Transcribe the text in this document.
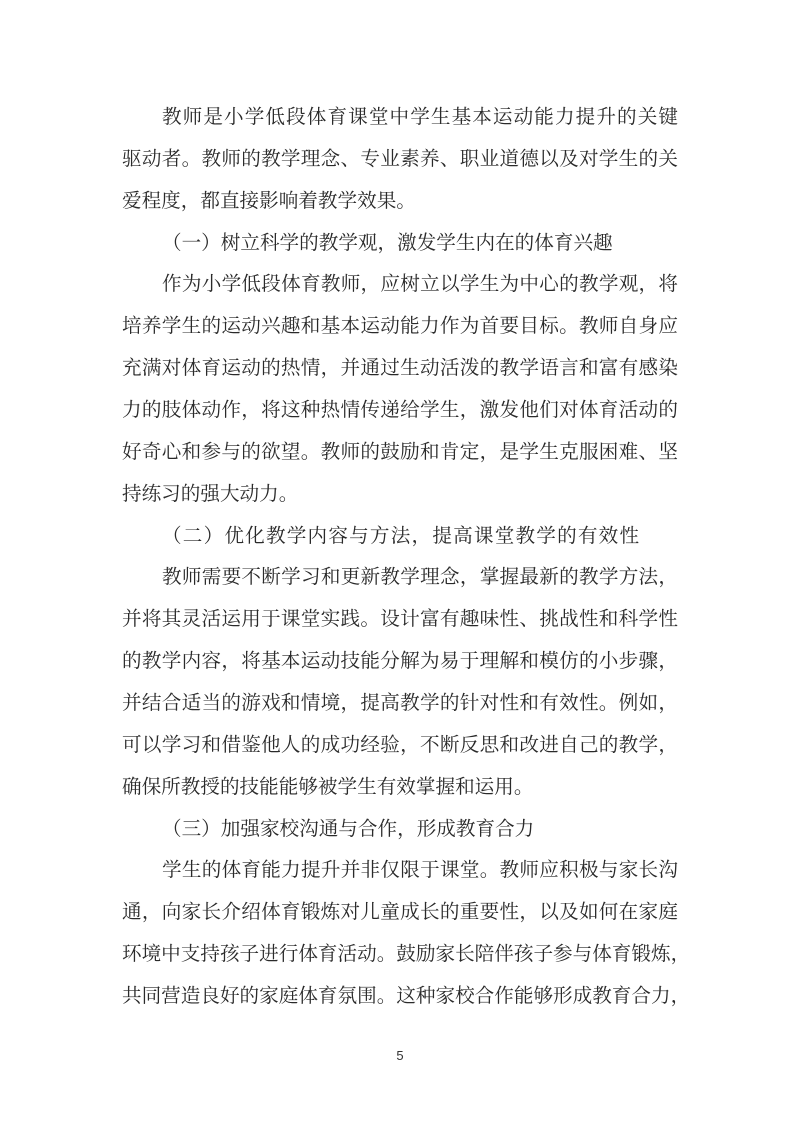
教师是小学低段体育课堂中学生基本运动能力提升的关键
驱动者。教师的教学理念、专业素养、职业道德以及对学生的关
爱程度，都直接影响着教学效果。
（一）树立科学的教学观，激发学生内在的体育兴趣
作为小学低段体育教师，应树立以学生为中心的教学观，将
培养学生的运动兴趣和基本运动能力作为首要目标。教师自身应
充满对体育运动的热情，并通过生动活泼的教学语言和富有感染
力的肢体动作，将这种热情传递给学生，激发他们对体育活动的
好奇心和参与的欲望。教师的鼓励和肯定，是学生克服困难、坚
持练习的强大动力。
（二）优化教学内容与方法，提高课堂教学的有效性
教师需要不断学习和更新教学理念，掌握最新的教学方法，
并将其灵活运用于课堂实践。设计富有趣味性、挑战性和科学性
的教学内容，将基本运动技能分解为易于理解和模仿的小步骤，
并结合适当的游戏和情境，提高教学的针对性和有效性。例如，
可以学习和借鉴他人的成功经验，不断反思和改进自己的教学，
确保所教授的技能能够被学生有效掌握和运用。
（三）加强家校沟通与合作，形成教育合力
学生的体育能力提升并非仅限于课堂。教师应积极与家长沟
通，向家长介绍体育锻炼对儿童成长的重要性，以及如何在家庭
环境中支持孩子进行体育活动。鼓励家长陪伴孩子参与体育锻炼，
共同营造良好的家庭体育氛围。这种家校合作能够形成教育合力，
5
